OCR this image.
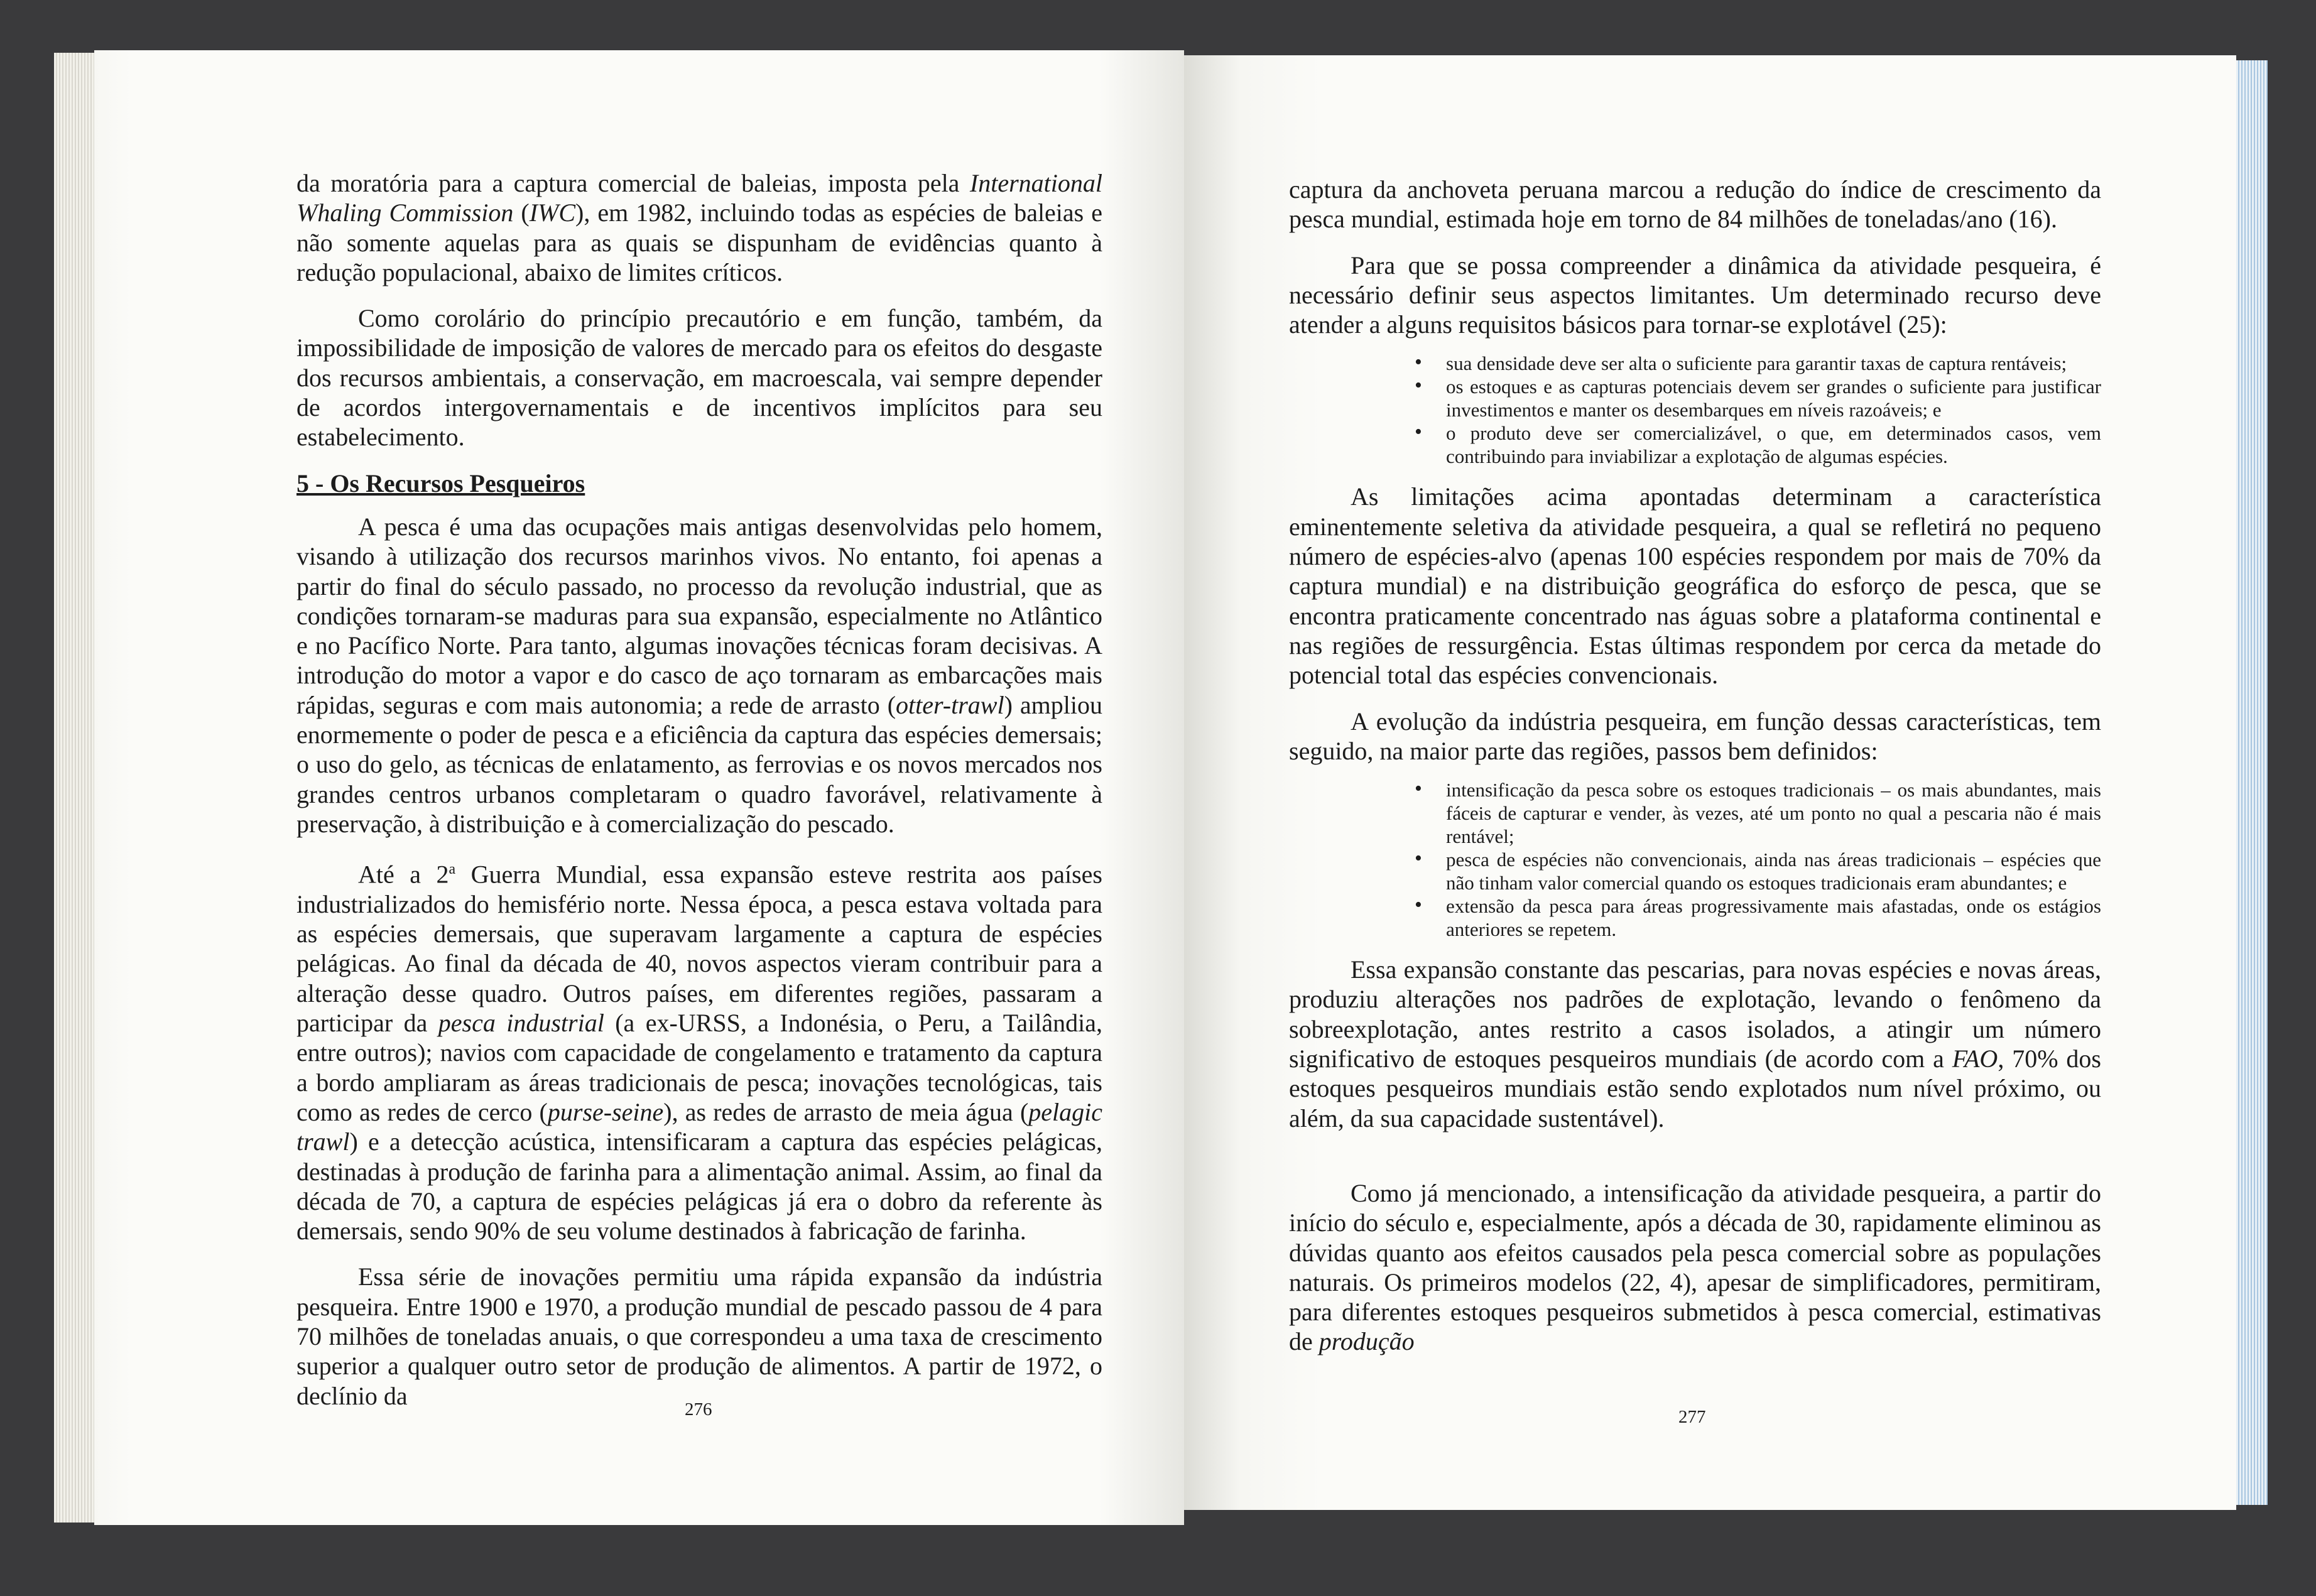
da moratória para a captura comercial de baleias, imposta pela International Whaling Commission (IWC), em 1982, incluindo todas as espécies de baleias e não somente aquelas para as quais se dispunham de evidências quanto à redução populacional, abaixo de limites críticos.

Como corolário do princípio precautório e em função, também, da impossibilidade de imposição de valores de mercado para os efeitos do desgaste dos recursos ambientais, a conservação, em macroescala, vai sempre depender de acordos intergovernamentais e de incentivos implícitos para seu estabelecimento.

5 - Os Recursos Pesqueiros

A pesca é uma das ocupações mais antigas desenvolvidas pelo homem, visando à utilização dos recursos marinhos vivos. No entanto, foi apenas a partir do final do século passado, no processo da revolução industrial, que as condições tornaram-se maduras para sua expansão, especialmente no Atlântico e no Pacífico Norte. Para tanto, algumas inovações técnicas foram decisivas. A introdução do motor a vapor e do casco de aço tornaram as embarcações mais rápidas, seguras e com mais autonomia; a rede de arrasto (otter-trawl) ampliou enormemente o poder de pesca e a eficiência da captura das espécies demersais; o uso do gelo, as técnicas de enlatamento, as ferrovias e os novos mercados nos grandes centros urbanos completaram o quadro favorável, relativamente à preservação, à distribuição e à comercialização do pescado.

Até a 2$^a$ Guerra Mundial, essa expansão esteve restrita aos países industrializados do hemisfério norte. Nessa época, a pesca estava voltada para as espécies demersais, que superavam largamente a captura de espécies pelágicas. Ao final da década de 40, novos aspectos vieram contribuir para a alteração desse quadro. Outros países, em diferentes regiões, passaram a participar da pesca industrial (a ex-URSS, a Indonésia, o Peru, a Tailândia, entre outros); navios com capacidade de congelamento e tratamento da captura a bordo ampliaram as áreas tradicionais de pesca; inovações tecnológicas, tais como as redes de cerco (purse-seine), as redes de arrasto de meia água (pelagic trawl) e a detecção acústica, intensificaram a captura das espécies pelágicas, destinadas à produção de farinha para a alimentação animal. Assim, ao final da década de 70, a captura de espécies pelágicas já era o dobro da referente às demersais, sendo 90% de seu volume destinados à fabricação de farinha.

Essa série de inovações permitiu uma rápida expansão da indústria pesqueira. Entre 1900 e 1970, a produção mundial de pescado passou de 4 para 70 milhões de toneladas anuais, o que correspondeu a uma taxa de crescimento superior a qualquer outro setor de produção de alimentos. A partir de 1972, o declínio da	276

captura da anchoveta peruana marcou a redução do índice de crescimento da pesca mundial, estimada hoje em torno de 84 milhões de toneladas/ano (16).

Para que se possa compreender a dinâmica da atividade pesqueira, é necessário definir seus aspectos limitantes. Um determinado recurso deve atender a alguns requisitos básicos para tornar-se explotável (25):

• sua densidade deve ser alta o suficiente para garantir taxas de captura rentáveis;
• os estoques e as capturas potenciais devem ser grandes o suficiente para justificar investimentos e manter os desembarques em níveis razoáveis; e
• o produto deve ser comercializável, o que, em determinados casos, vem contribuindo para inviabilizar a explotação de algumas espécies.

As limitações acima apontadas determinam a característica eminentemente seletiva da atividade pesqueira, a qual se refletirá no pequeno número de espécies-alvo (apenas 100 espécies respondem por mais de 70% da captura mundial) e na distribuição geográfica do esforço de pesca, que se encontra praticamente concentrado nas águas sobre a plataforma continental e nas regiões de ressurgência. Estas últimas respondem por cerca da metade do potencial total das espécies convencionais.

A evolução da indústria pesqueira, em função dessas características, tem seguido, na maior parte das regiões, passos bem definidos:

• intensificação da pesca sobre os estoques tradicionais – os mais abundantes, mais fáceis de capturar e vender, às vezes, até um ponto no qual a pescaria não é mais rentável;
• pesca de espécies não convencionais, ainda nas áreas tradicionais – espécies que não tinham valor comercial quando os estoques tradicionais eram abundantes; e
• extensão da pesca para áreas progressivamente mais afastadas, onde os estágios anteriores se repetem.

Essa expansão constante das pescarias, para novas espécies e novas áreas, produziu alterações nos padrões de explotação, levando o fenômeno da sobreexplotação, antes restrito a casos isolados, a atingir um número significativo de estoques pesqueiros mundiais (de acordo com a FAO, 70% dos estoques pesqueiros mundiais estão sendo explotados num nível próximo, ou além, da sua capacidade sustentável).

Como já mencionado, a intensificação da atividade pesqueira, a partir do início do século e, especialmente, após a década de 30, rapidamente eliminou as dúvidas quanto aos efeitos causados pela pesca comercial sobre as populações naturais. Os primeiros modelos (22, 4), apesar de simplificadores, permitiram, para diferentes estoques pesqueiros submetidos à pesca comercial, estimativas de produção

277
